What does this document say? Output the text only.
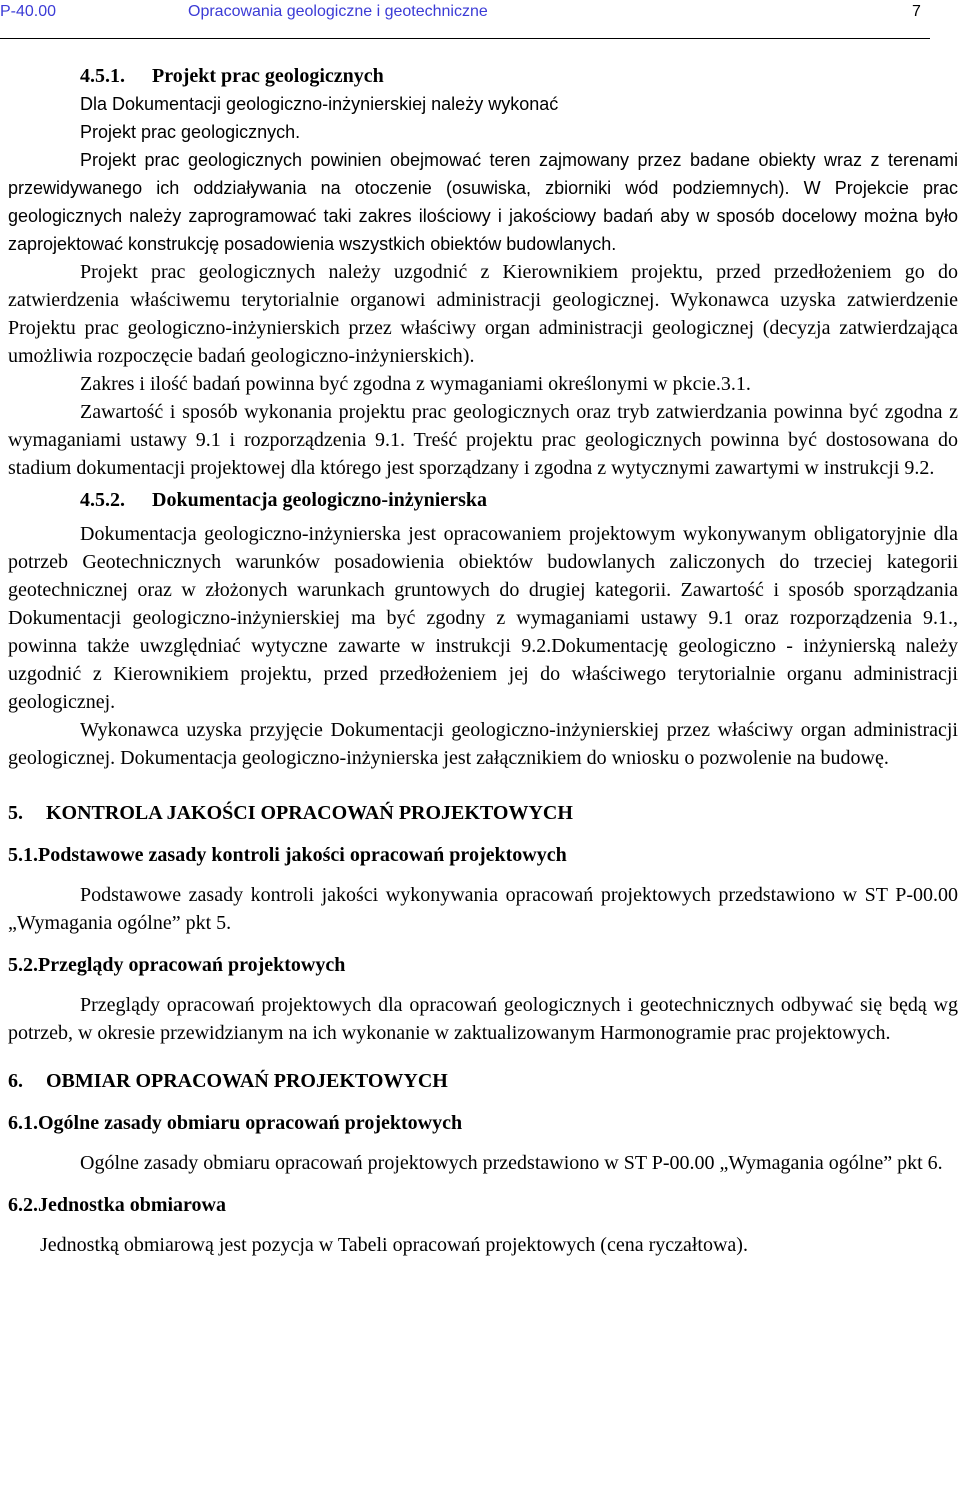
P-40.00	Opracowania geologiczne i geotechniczne	7
4.5.1. Projekt prac geologicznych

Dla Dokumentacji geologiczno-inżynierskiej należy wykonać

Projekt prac geologicznych.

Projekt prac geologicznych powinien obejmować teren zajmowany przez badane obiekty wraz z terenami przewidywanego ich oddziaływania na otoczenie (osuwiska, zbiorniki wód podziemnych). W Projekcie prac geologicznych należy zaprogramować taki zakres ilościowy i jakościowy badań aby w sposób docelowy można było zaprojektować konstrukcję posadowienia wszystkich obiektów budowlanych.

Projekt prac geologicznych należy uzgodnić z Kierownikiem projektu, przed przedłożeniem go do zatwierdzenia właściwemu terytorialnie organowi administracji geologicznej. Wykonawca uzyska zatwierdzenie Projektu prac geologiczno-inżynierskich przez właściwy organ administracji geologicznej (decyzja zatwierdzająca umożliwia rozpoczęcie badań geologiczno-inżynierskich).

Zakres i ilość badań powinna być zgodna z wymaganiami określonymi w pkcie.3.1.

Zawartość i sposób wykonania projektu prac geologicznych oraz tryb zatwierdzania powinna być zgodna z wymaganiami ustawy 9.1 i rozporządzenia 9.1. Treść projektu prac geologicznych powinna być dostosowana do stadium dokumentacji projektowej dla którego jest sporządzany i zgodna z wytycznymi zawartymi w instrukcji 9.2.

4.5.2. Dokumentacja geologiczno-inżynierska

Dokumentacja geologiczno-inżynierska jest opracowaniem projektowym wykonywanym obligatoryjnie dla potrzeb Geotechnicznych warunków posadowienia obiektów budowlanych zaliczonych do trzeciej kategorii geotechnicznej oraz w złożonych warunkach gruntowych do drugiej kategorii. Zawartość i sposób sporządzania Dokumentacji geologiczno-inżynierskiej ma być zgodny z wymaganiami ustawy 9.1 oraz rozporządzenia 9.1., powinna także uwzględniać wytyczne zawarte w instrukcji 9.2.Dokumentację geologiczno - inżynierską należy uzgodnić z Kierownikiem projektu, przed przedłożeniem jej do właściwego terytorialnie organu administracji geologicznej.

Wykonawca uzyska przyjęcie Dokumentacji geologiczno-inżynierskiej przez właściwy organ administracji geologicznej. Dokumentacja geologiczno-inżynierska jest załącznikiem do wniosku o pozwolenie na budowę.

5. KONTROLA JAKOŚCI OPRACOWAŃ PROJEKTOWYCH
5.1.Podstawowe zasady kontroli jakości opracowań projektowych

Podstawowe zasady kontroli jakości wykonywania opracowań projektowych przedstawiono w ST P-00.00 „Wymagania ogólne” pkt 5.

5.2.Przeglądy opracowań projektowych

Przeglądy opracowań projektowych dla opracowań geologicznych i geotechnicznych odbywać się będą wg potrzeb, w okresie przewidzianym na ich wykonanie w zaktualizowanym Harmonogramie prac projektowych.

6. OBMIAR OPRACOWAŃ PROJEKTOWYCH
6.1.Ogólne zasady obmiaru opracowań projektowych

Ogólne zasady obmiaru opracowań projektowych przedstawiono w ST P-00.00 „Wymagania ogólne” pkt 6.

6.2.Jednostka obmiarowa

Jednostką obmiarową jest pozycja w Tabeli opracowań projektowych (cena ryczałtowa).
